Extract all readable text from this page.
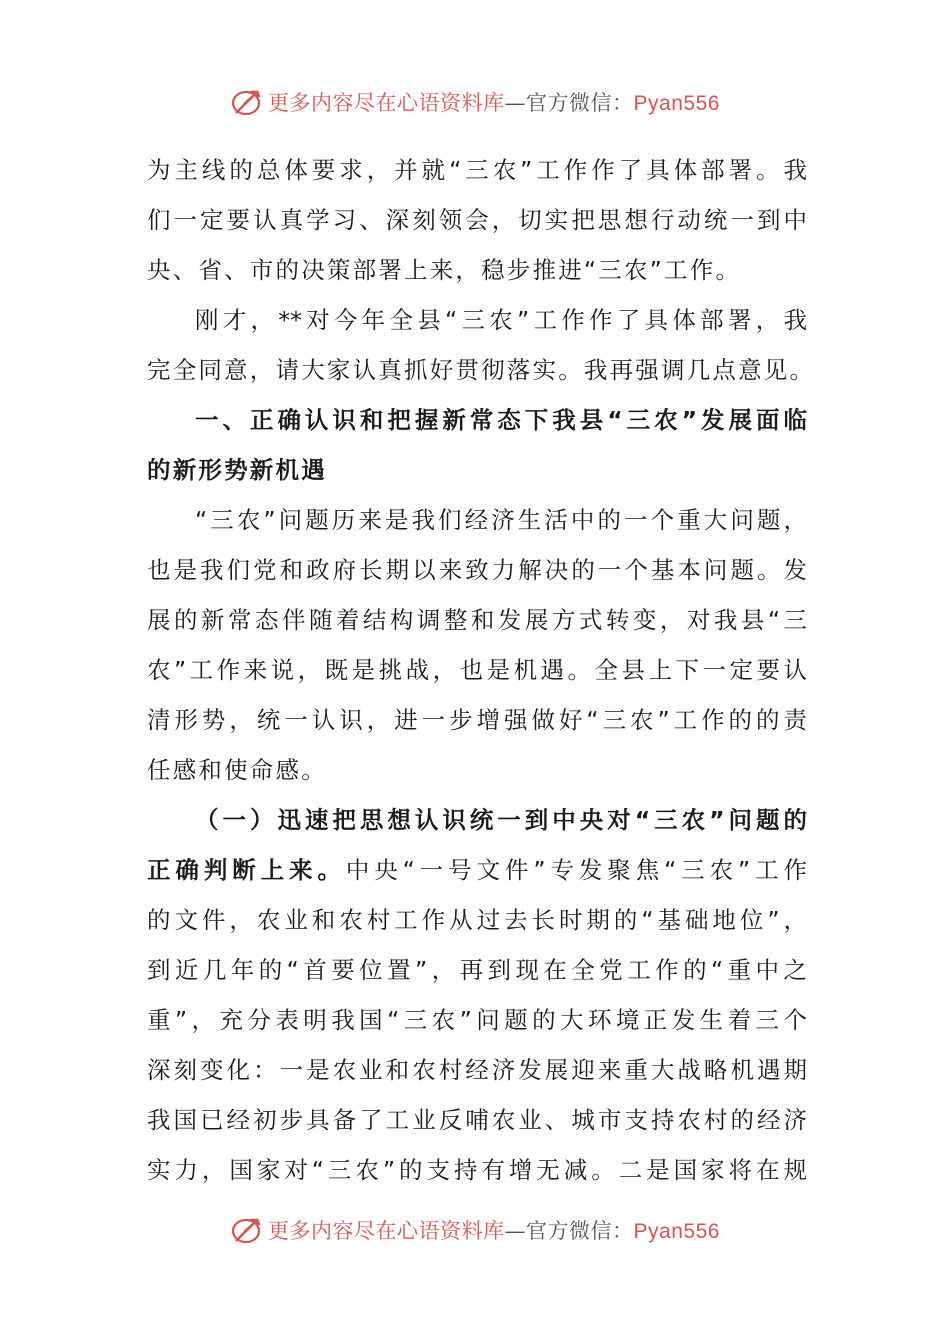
更多内容尽在心语资料库—官方微信：Pyan556
为主线的总体要求，并就“三农”工作作了具体部署。我
们一定要认真学习、深刻领会，切实把思想行动统一到中
央、省、市的决策部署上来，稳步推进“三农”工作。
刚才，**对今年全县“三农”工作作了具体部署，我
完全同意，请大家认真抓好贯彻落实。我再强调几点意见。
一、正确认识和把握新常态下我县“三农”发展面临
的新形势新机遇
“三农”问题历来是我们经济生活中的一个重大问题，
也是我们党和政府长期以来致力解决的一个基本问题。发
展的新常态伴随着结构调整和发展方式转变，对我县“三
农”工作来说，既是挑战，也是机遇。全县上下一定要认
清形势，统一认识，进一步增强做好“三农”工作的的责
任感和使命感。
（一）迅速把思想认识统一到中央对“三农”问题的
正确判断上来。中央“一号文件”专发聚焦“三农”工作
的文件，农业和农村工作从过去长时期的“基础地位”，
到近几年的“首要位置”，再到现在全党工作的“重中之
重”，充分表明我国“三农”问题的大环境正发生着三个
深刻变化：一是农业和农村经济发展迎来重大战略机遇期
我国已经初步具备了工业反哺农业、城市支持农村的经济
实力，国家对“三农”的支持有增无减。二是国家将在规
更多内容尽在心语资料库—官方微信：Pyan556
